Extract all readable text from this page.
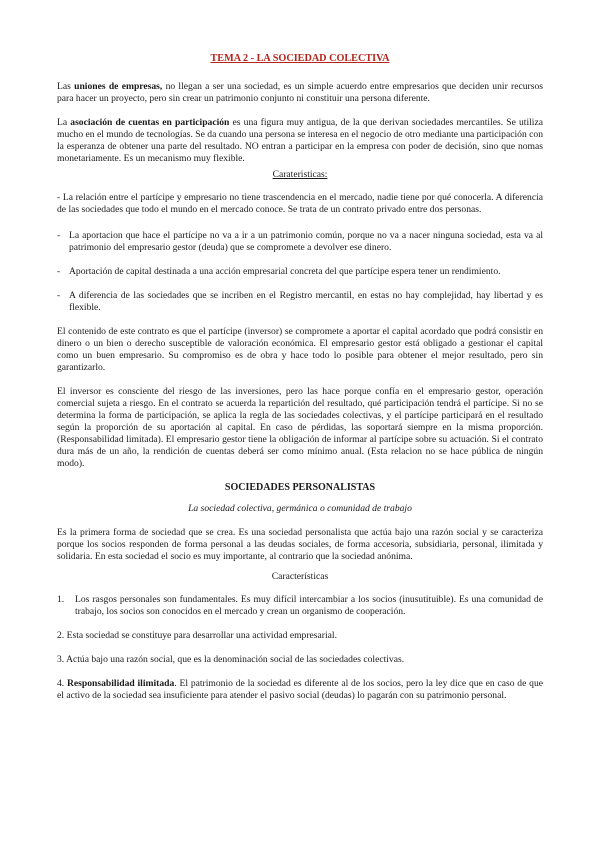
TEMA 2 - LA SOCIEDAD COLECTIVA

Las uniones de empresas, no llegan a ser una sociedad, es un simple acuerdo entre empresarios que deciden unir recursos para hacer un proyecto, pero sin crear un patrimonio conjunto ni constituir una persona diferente.

La asociación de cuentas en participación es una figura muy antigua, de la que derivan sociedades mercantiles. Se utiliza mucho en el mundo de tecnologías. Se da cuando una persona se interesa en el negocio de otro mediante una participación con la esperanza de obtener una parte del resultado. NO entran a participar en la empresa con poder de decisión, sino que nomas monetariamente. Es un mecanismo muy flexible.

Carateristicas:

- La relación entre el partícipe y empresario no tiene trascendencia en el mercado, nadie tiene por qué conocerla. A diferencia de las sociedades que todo el mundo en el mercado conoce. Se trata de un contrato privado entre dos personas.

- La aportacion que hace el partícipe no va a ir a un patrimonio común, porque no va a nacer ninguna sociedad, esta va al patrimonio del empresario gestor (deuda) que se compromete a devolver ese dinero.
- Aportación de capital destinada a una acción empresarial concreta del que partícipe espera tener un rendimiento.
- A diferencia de las sociedades que se incriben en el Registro mercantil, en estas no hay complejidad, hay libertad y es flexible.

El contenido de este contrato es que el partícipe (inversor) se compromete a aportar el capital acordado que podrá consistir en dinero o un bien o derecho susceptible de valoración económica. El empresario gestor está obligado a gestionar el capital como un buen empresario. Su compromiso es de obra y hace todo lo posible para obtener el mejor resultado, pero sin garantizarlo.

El inversor es consciente del riesgo de las inversiones, pero las hace porque confía en el empresario gestor, operación comercial sujeta a riesgo. En el contrato se acuerda la repartición del resultado, qué participación tendrá el partícipe. Si no se determina la forma de participación, se aplica la regla de las sociedades colectivas, y el partícipe participará en el resultado según la proporción de su aportación al capital. En caso de pérdidas, las soportará siempre en la misma proporción. (Responsabilidad limitada). El empresario gestor tiene la obligación de informar al partícipe sobre su actuación. Si el contrato dura más de un año, la rendición de cuentas deberá ser como mínimo anual. (Esta relacion no se hace pública de ningún modo).

SOCIEDADES PERSONALISTAS
La sociedad colectiva, germánica o comunidad de trabajo

Es la primera forma de sociedad que se crea. Es una sociedad personalista que actúa bajo una razón social y se caracteriza porque los socios responden de forma personal a las deudas sociales, de forma accesoria, subsidiaria, personal, ilimitada y solidaria. En esta sociedad el socio es muy importante, al contrario que la sociedad anónima.

Características
1.	Los rasgos personales son fundamentales. Es muy difícil intercambiar a los socios (inusutituible). Es una comunidad de trabajo, los socios son conocidos en el mercado y crean un organismo de cooperación.

2. Esta sociedad se constituye para desarrollar una actividad empresarial.

3. Actúa bajo una razón social, que es la denominación social de las sociedades colectivas.

4. Responsabilidad ilimitada. El patrimonio de la sociedad es diferente al de los socios, pero la ley dice que en caso de que el activo de la sociedad sea insuficiente para atender el pasivo social (deudas) lo pagarán con su patrimonio personal.
